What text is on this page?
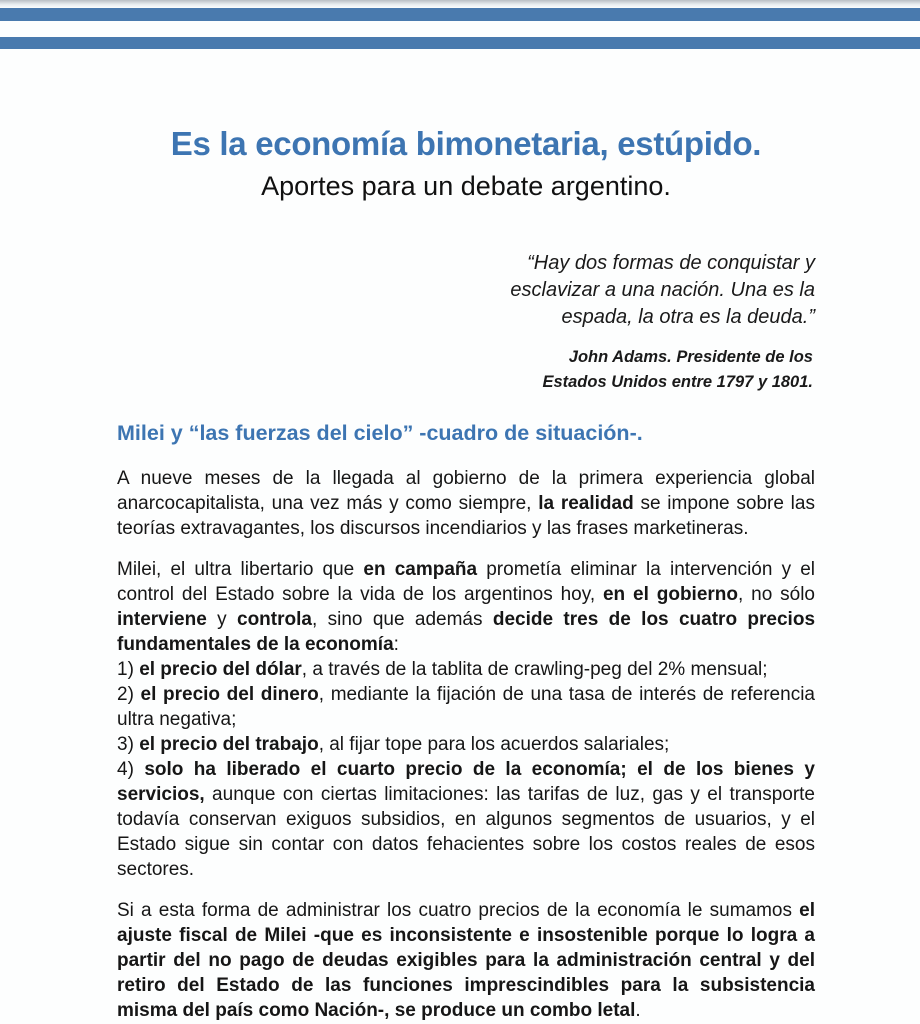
Es la economía bimonetaria, estúpido.
Aportes para un debate argentino.
“Hay dos formas de conquistar y
esclavizar a una nación. Una es la
espada, la otra es la deuda.”
John Adams. Presidente de los
Estados Unidos entre 1797 y 1801.
Milei y “las fuerzas del cielo” -cuadro de situación-.

A nueve meses de la llegada al gobierno de la primera experiencia global anarcocapitalista, una vez más y como siempre, la realidad se impone sobre las teorías extravagantes, los discursos incendiarios y las frases marketineras.

Milei, el ultra libertario que en campaña prometía eliminar la intervención y el control del Estado sobre la vida de los argentinos hoy, en el gobierno, no sólo interviene y controla, sino que además decide tres de los cuatro precios fundamentales de la economía:

1) el precio del dólar, a través de la tablita de crawling-peg del 2% mensual;

2) el precio del dinero, mediante la fijación de una tasa de interés de referencia ultra negativa;

3) el precio del trabajo, al fijar tope para los acuerdos salariales;

4) solo ha liberado el cuarto precio de la economía; el de los bienes y servicios, aunque con ciertas limitaciones: las tarifas de luz, gas y el transporte todavía conservan exiguos subsidios, en algunos segmentos de usuarios, y el Estado sigue sin contar con datos fehacientes sobre los costos reales de esos sectores.

Si a esta forma de administrar los cuatro precios de la economía le sumamos el ajuste fiscal de Milei -que es inconsistente e insostenible porque lo logra a partir del no pago de deudas exigibles para la administración central y del retiro del Estado de las funciones imprescindibles para la subsistencia misma del país como Nación-, se produce un combo letal.
